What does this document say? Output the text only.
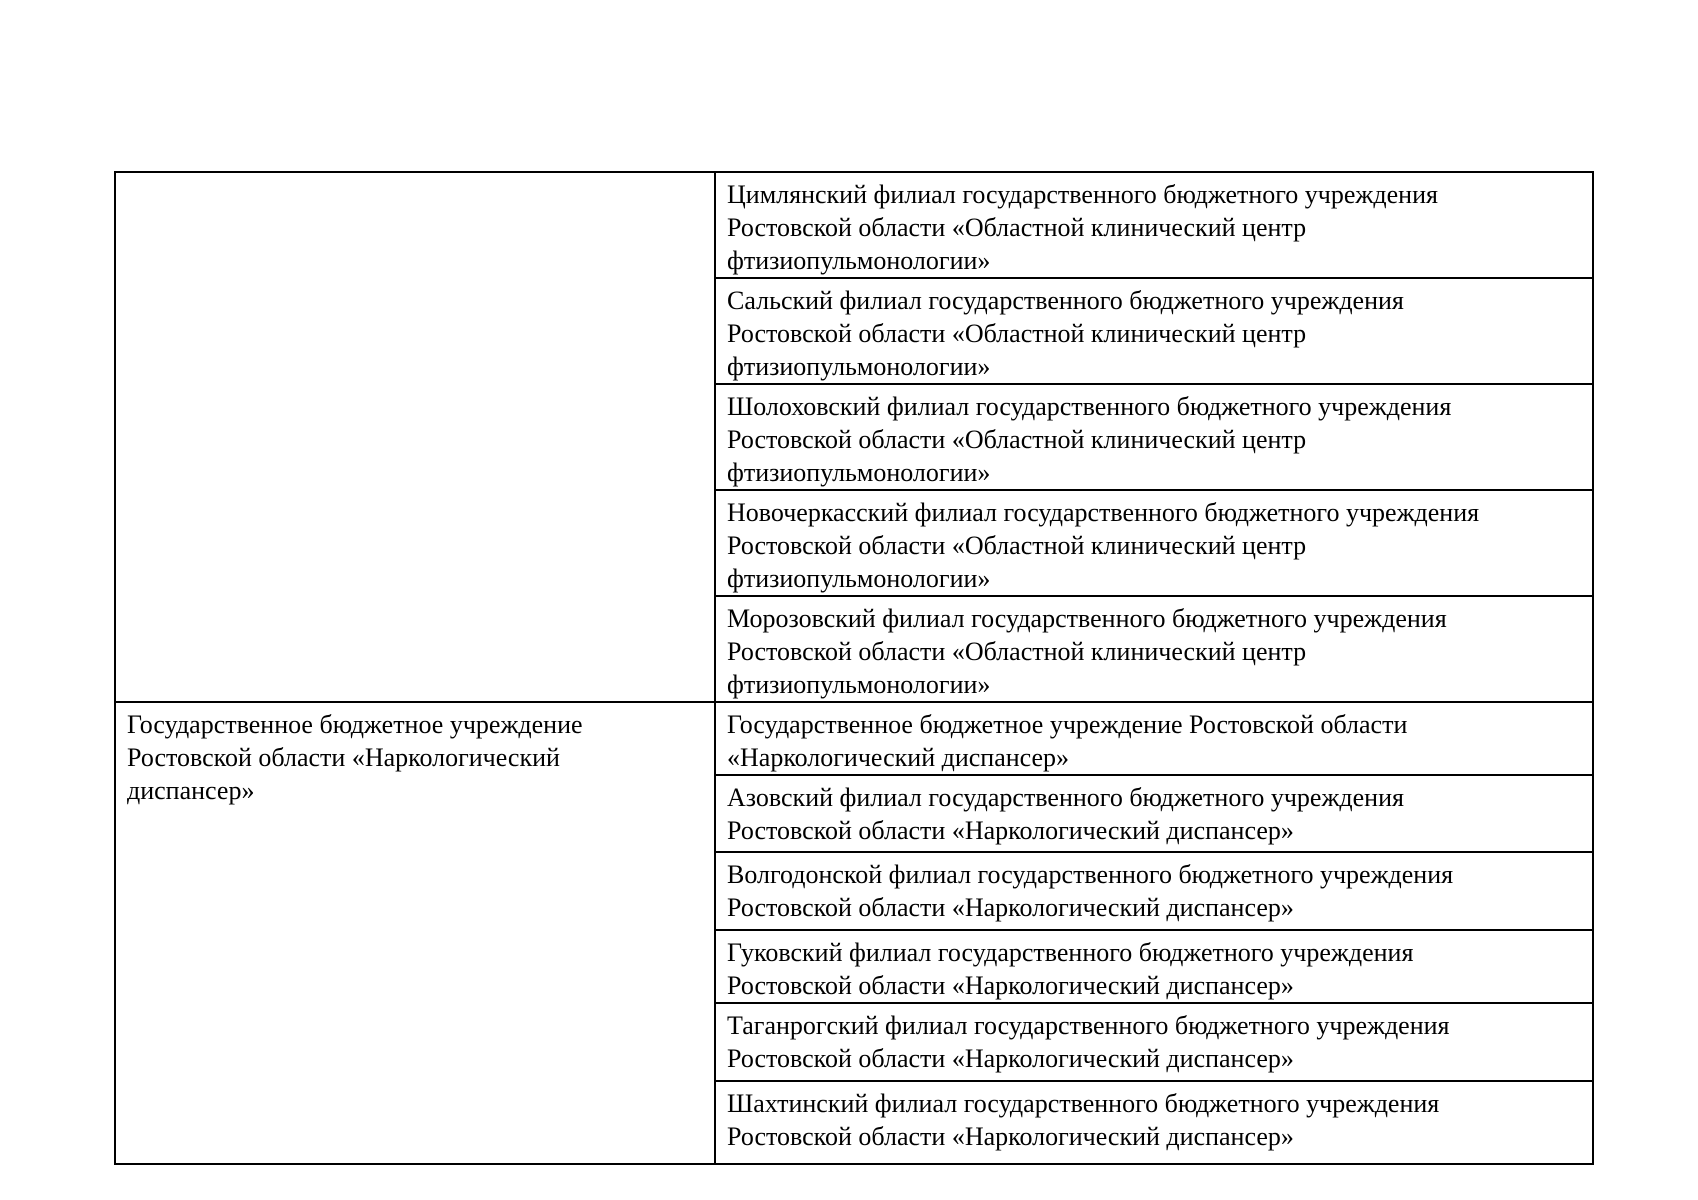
	Цимлянский филиал государственного бюджетного учреждения
Ростовской области «Областной клинический центр
фтизиопульмонологии»

	Сальский филиал государственного бюджетного учреждения
Ростовской области «Областной клинический центр
фтизиопульмонологии»

	Шолоховский филиал государственного бюджетного учреждения
Ростовской области «Областной клинический центр
фтизиопульмонологии»

	Новочеркасский филиал государственного бюджетного учреждения
Ростовской области «Областной клинический центр
фтизиопульмонологии»

	Морозовский филиал государственного бюджетного учреждения
Ростовской области «Областной клинический центр
фтизиопульмонологии»

Государственное бюджетное учреждение
Ростовской области «Наркологический
диспансер»	Государственное бюджетное учреждение Ростовской области
«Наркологический диспансер»

	Азовский филиал государственного бюджетного учреждения
Ростовской области «Наркологический диспансер»

	Волгодонской филиал государственного бюджетного учреждения
Ростовской области «Наркологический диспансер»

	Гуковский филиал государственного бюджетного учреждения
Ростовской области «Наркологический диспансер»

	Таганрогский филиал государственного бюджетного учреждения
Ростовской области «Наркологический диспансер»

	Шахтинский филиал государственного бюджетного учреждения
Ростовской области «Наркологический диспансер»
